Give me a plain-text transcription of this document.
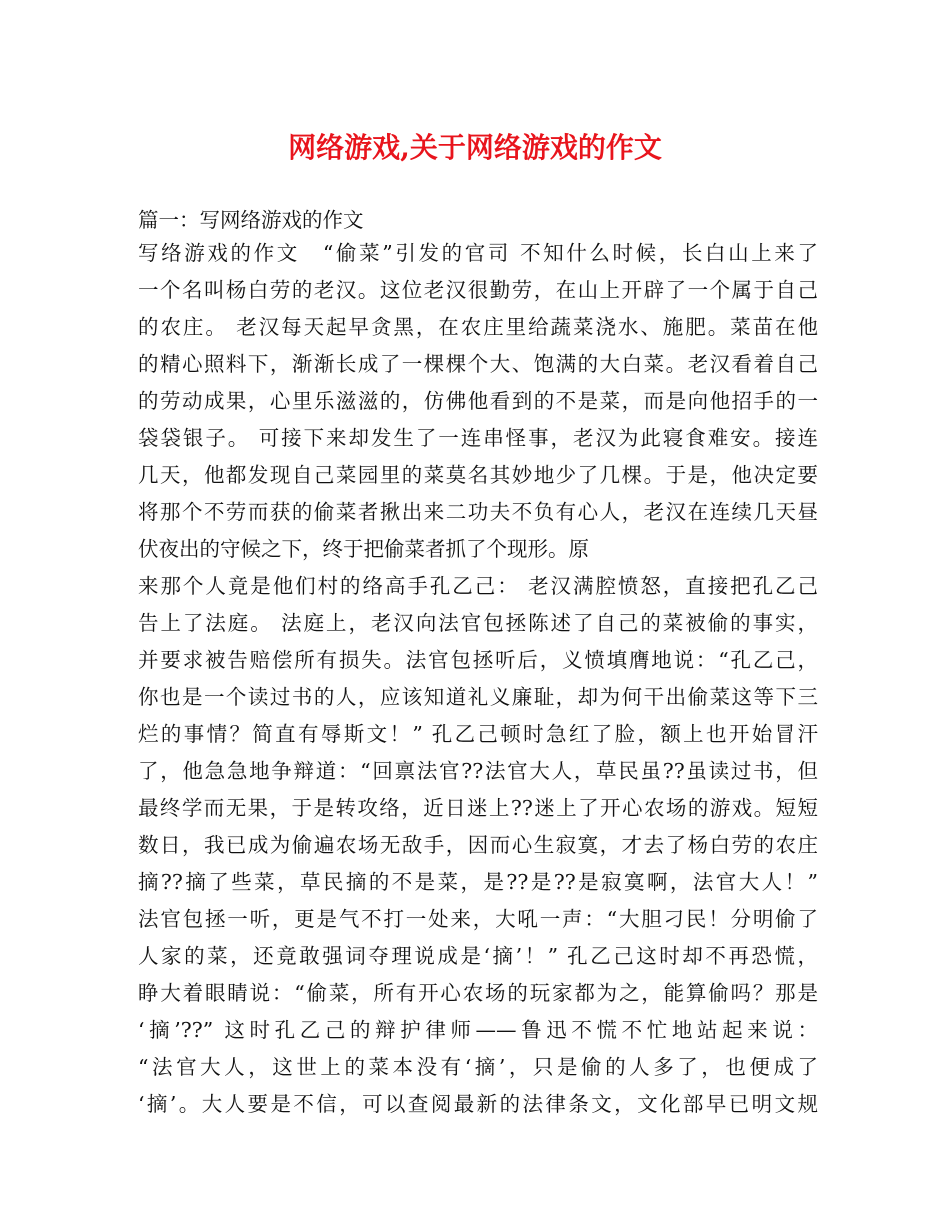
网络游戏,关于网络游戏的作文
篇一：写网络游戏的作文
写络游戏的作文　“偷菜”引发的官司 不知什么时候，长白山上来了
一个名叫杨白劳的老汉。这位老汉很勤劳，在山上开辟了一个属于自己
的农庄。 老汉每天起早贪黑，在农庄里给蔬菜浇水、施肥。菜苗在他
的精心照料下，渐渐长成了一棵棵个大、饱满的大白菜。老汉看着自己
的劳动成果，心里乐滋滋的，仿佛他看到的不是菜，而是向他招手的一
袋袋银子。 可接下来却发生了一连串怪事，老汉为此寝食难安。接连
几天，他都发现自己菜园里的菜莫名其妙地少了几棵。于是，他决定要
将那个不劳而获的偷菜者揪出来二功夫不负有心人，老汉在连续几天昼
伏夜出的守候之下，终于把偷菜者抓了个现形。原
来那个人竟是他们村的络高手孔乙己： 老汉满腔愤怒，直接把孔乙己
告上了法庭。 法庭上，老汉向法官包拯陈述了自己的菜被偷的事实，
并要求被告赔偿所有损失。法官包拯听后，义愤填膺地说：“孔乙己，
你也是一个读过书的人，应该知道礼义廉耻，却为何干出偷菜这等下三
烂的事情？简直有辱斯文！” 孔乙己顿时急红了脸，额上也开始冒汗
了，他急急地争辩道：“回禀法官??法官大人，草民虽??虽读过书，但
最终学而无果，于是转攻络，近日迷上??迷上了开心农场的游戏。短短
数日，我已成为偷遍农场无敌手，因而心生寂寞，才去了杨白劳的农庄
摘??摘了些菜，草民摘的不是菜，是??是??是寂寞啊，法官大人！”
法官包拯一听，更是气不打一处来，大吼一声：“大胆刁民！分明偷了
人家的菜，还竟敢强词夺理说成是‘摘’！” 孔乙己这时却不再恐慌，
睁大着眼睛说：“偷菜，所有开心农场的玩家都为之，能算偷吗？那是
‘摘’??” 这时孔乙己的辩护律师——鲁迅不慌不忙地站起来说：
“法官大人，这世上的菜本没有‘摘’，只是偷的人多了，也便成了
‘摘’。大人要是不信，可以查阅最新的法律条文，文化部早已明文规
